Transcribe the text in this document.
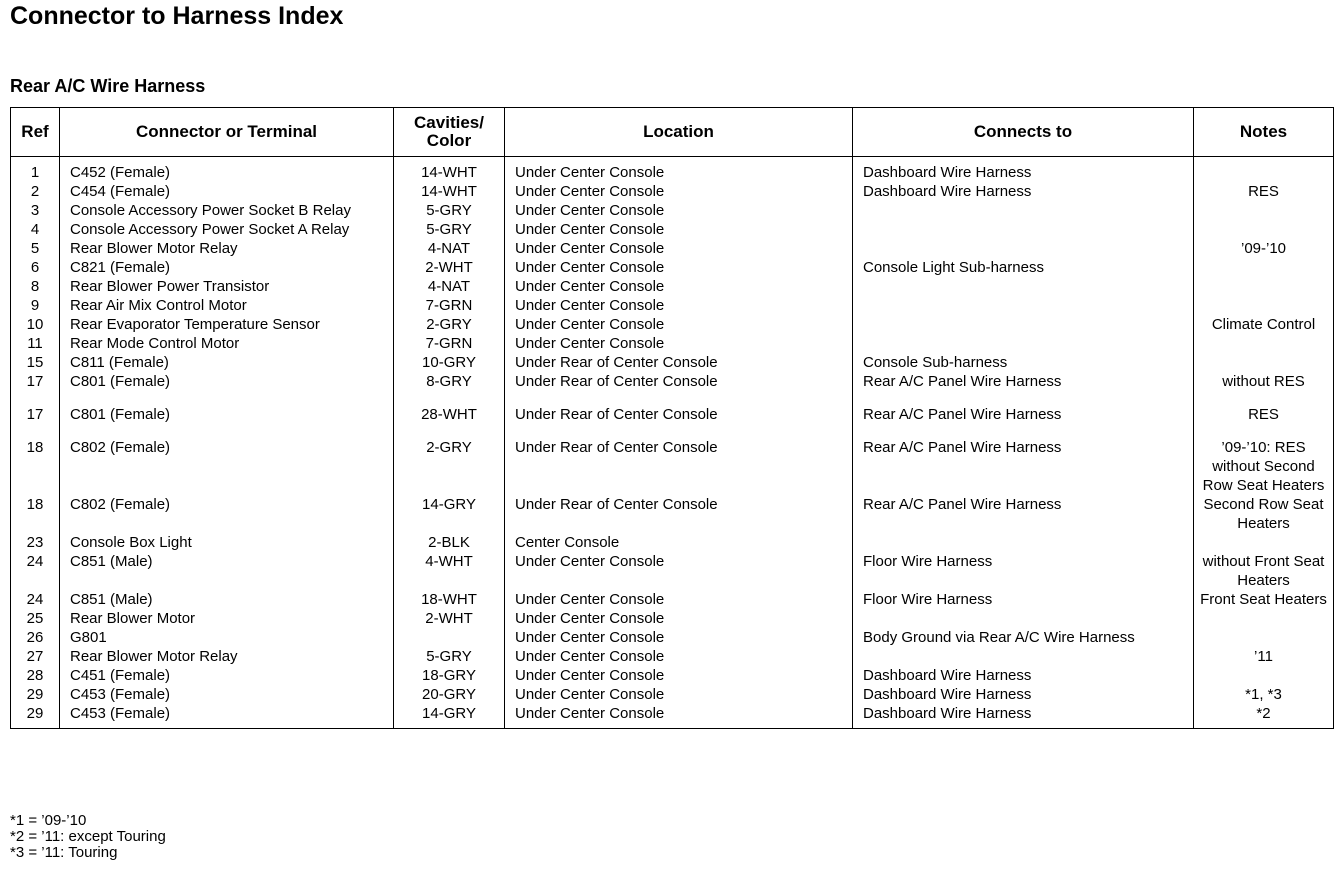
Connector to Harness Index
Rear A/C Wire Harness
Ref	Connector or Terminal	Cavities/ Color	Location	Connects to	Notes

1	C452 (Female)	14-WHT	Under Center Console	Dashboard Wire Harness	
2	C454 (Female)	14-WHT	Under Center Console	Dashboard Wire Harness	RES
3	Console Accessory Power Socket B Relay	5-GRY	Under Center Console		
4	Console Accessory Power Socket A Relay	5-GRY	Under Center Console		
5	Rear Blower Motor Relay	4-NAT	Under Center Console		’09-’10
6	C821 (Female)	2-WHT	Under Center Console	Console Light Sub-harness	
8	Rear Blower Power Transistor	4-NAT	Under Center Console		
9	Rear Air Mix Control Motor	7-GRN	Under Center Console		
10	Rear Evaporator Temperature Sensor	2-GRY	Under Center Console		Climate Control
11	Rear Mode Control Motor	7-GRN	Under Center Console		
15	C811 (Female)	10-GRY	Under Rear of Center Console	Console Sub-harness	
17	C801 (Female)	8-GRY	Under Rear of Center Console	Rear A/C Panel Wire Harness	without RES

17	C801 (Female)	28-WHT	Under Rear of Center Console	Rear A/C Panel Wire Harness	RES

18	C802 (Female)	2-GRY	Under Rear of Center Console	Rear A/C Panel Wire Harness	’09-’10: RES without Second Row Seat Heaters
18	C802 (Female)	14-GRY	Under Rear of Center Console	Rear A/C Panel Wire Harness	Second Row Seat Heaters
23	Console Box Light	2-BLK	Center Console		
24	C851 (Male)	4-WHT	Under Center Console	Floor Wire Harness	without Front Seat Heaters
24	C851 (Male)	18-WHT	Under Center Console	Floor Wire Harness	Front Seat Heaters
25	Rear Blower Motor	2-WHT	Under Center Console		
26	G801		Under Center Console	Body Ground via Rear A/C Wire Harness	
27	Rear Blower Motor Relay	5-GRY	Under Center Console		’11
28	C451 (Female)	18-GRY	Under Center Console	Dashboard Wire Harness	
29	C453 (Female)	20-GRY	Under Center Console	Dashboard Wire Harness	*1, *3
29	C453 (Female)	14-GRY	Under Center Console	Dashboard Wire Harness	*2
*1 = ’09-’10
*2 = ’11: except Touring
*3 = ’11: Touring
